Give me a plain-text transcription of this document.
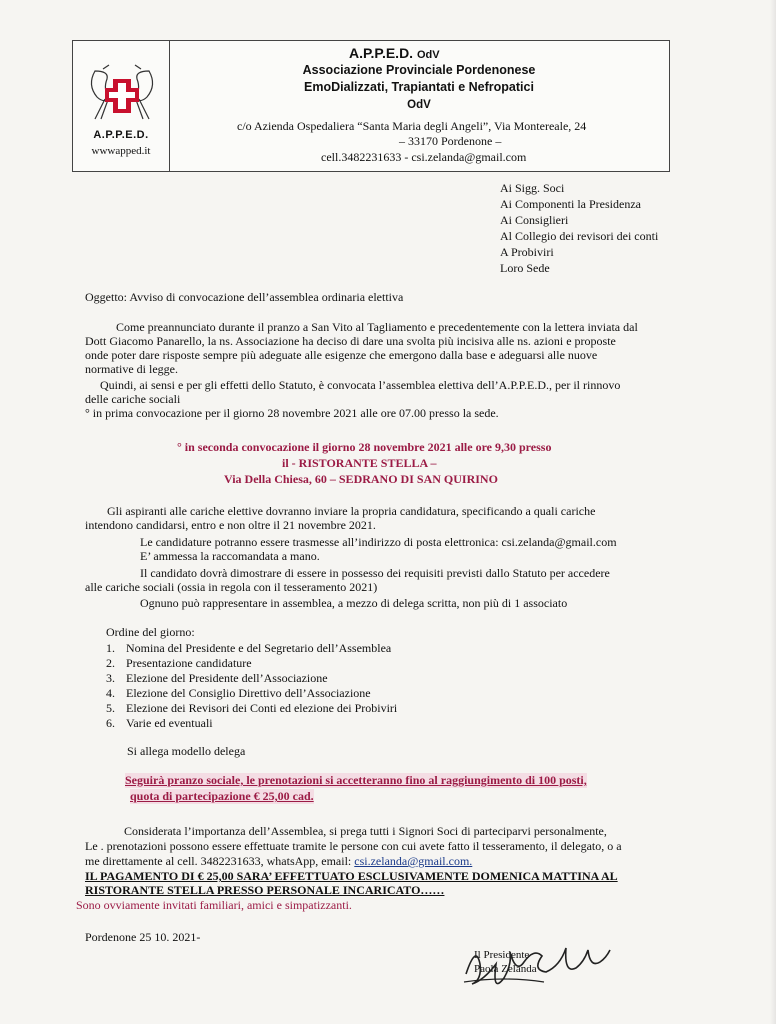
A.P.P.E.D.
wwwapped.it
A.P.P.E.D. OdV
Associazione Provinciale Pordenonese
EmoDializzati, Trapiantati e Nefropatici
OdV
c/o Azienda Ospedaliera “Santa Maria degli Angeli”, Via Montereale, 24
– 33170 Pordenone –
cell.3482231633 - csi.zelanda@gmail.com
Ai Sigg. Soci
Ai Componenti la Presidenza
Ai Consiglieri
Al Collegio dei revisori dei conti
A Probiviri
Loro Sede
Oggetto: Avviso di convocazione dell’assemblea ordinaria elettiva
Come preannunciato durante il pranzo a San Vito al Tagliamento e precedentemente con la lettera inviata dal
Dott Giacomo Panarello, la ns. Associazione ha deciso di dare una svolta più incisiva alle ns. azioni e proposte
onde poter dare risposte sempre più adeguate alle esigenze che emergono dalla base e adeguarsi alle nuove
normative di legge.
Quindi, ai sensi e per gli effetti dello Statuto, è convocata l’assemblea elettiva dell’A.P.P.E.D., per il rinnovo
delle cariche sociali
° in prima convocazione per il giorno 28 novembre 2021 alle ore 07.00 presso la sede.
° in seconda convocazione il giorno 28 novembre 2021 alle ore 9,30 presso
il - RISTORANTE STELLA –
Via Della Chiesa, 60 – SEDRANO DI SAN QUIRINO
Gli aspiranti alle cariche elettive dovranno inviare la propria candidatura, specificando a quali cariche
intendono candidarsi, entro e non oltre il 21 novembre 2021.
Le candidature potranno essere trasmesse all’indirizzo di posta elettronica: csi.zelanda@gmail.com
E’ ammessa la raccomandata a mano.
Il candidato dovrà dimostrare di essere in possesso dei requisiti previsti dallo Statuto per accedere
alle cariche sociali (ossia in regola con il tesseramento 2021)
Ognuno può rappresentare in assemblea, a mezzo di delega scritta, non più di 1 associato
Ordine del giorno:
1. Nomina del Presidente e del Segretario dell’Assemblea
2. Presentazione candidature
3. Elezione del Presidente dell’Associazione
4. Elezione del Consiglio Direttivo dell’Associazione
5. Elezione dei Revisori dei Conti ed elezione dei Probiviri
6. Varie ed eventuali
Si allega modello delega
Seguirà pranzo sociale, le prenotazioni si accetteranno fino al raggiungimento di 100 posti,
quota di partecipazione € 25,00 cad.
Considerata l’importanza dell’Assemblea, si prega tutti i Signori Soci di parteciparvi personalmente,
Le . prenotazioni possono essere effettuate tramite le persone con cui avete fatto il tesseramento, il delegato, o a
me direttamente al cell. 3482231633, whatsApp, email: csi.zelanda@gmail.com.
IL PAGAMENTO DI € 25,00 SARA’ EFFETTUATO ESCLUSIVAMENTE DOMENICA MATTINA AL
RISTORANTE STELLA PRESSO PERSONALE INCARICATO……
Sono ovviamente invitati familiari, amici e simpatizzanti.
Pordenone 25 10. 2021-
Il Presidente
Paola Zelanda
